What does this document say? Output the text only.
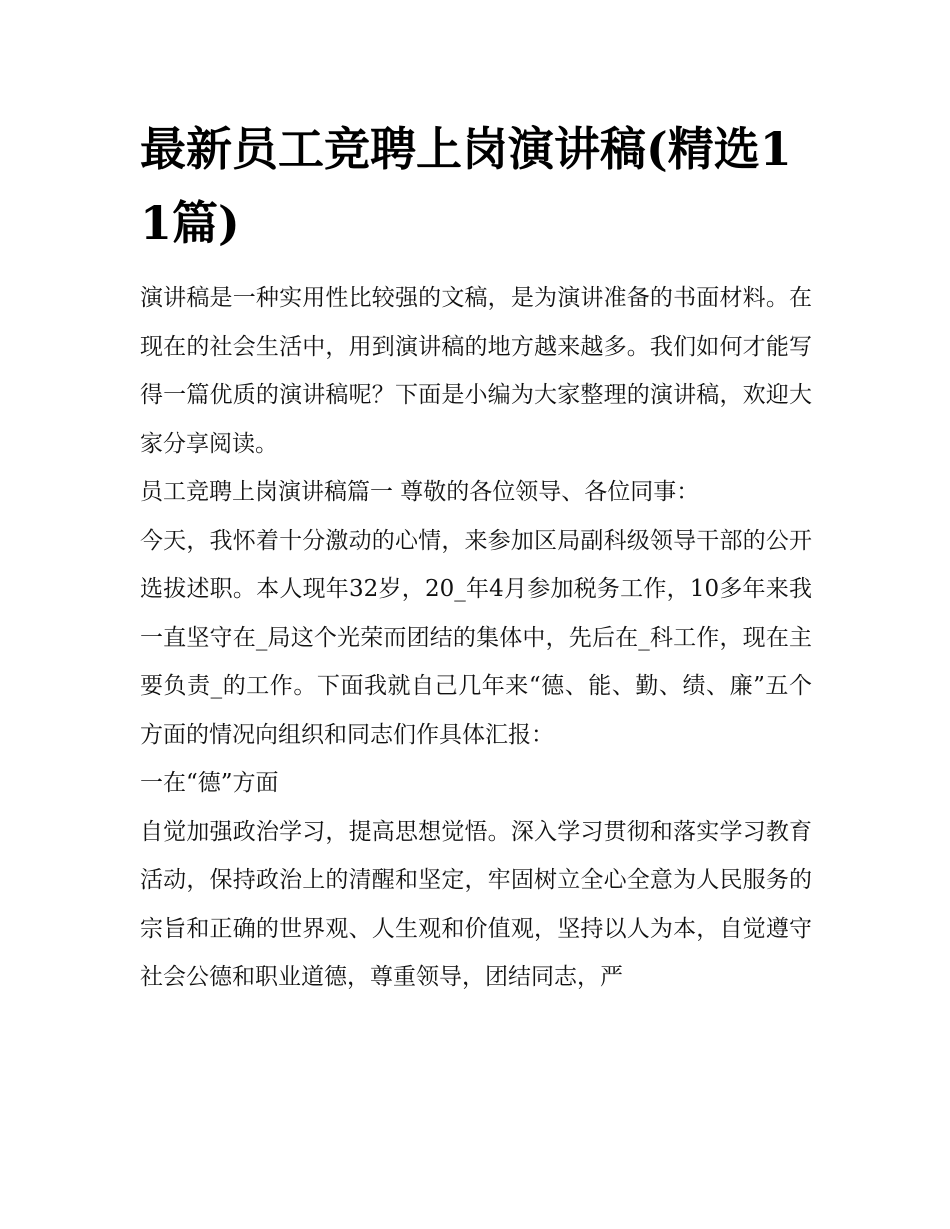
最新员工竞聘上岗演讲稿(精选11篇)

演讲稿是一种实用性比较强的文稿，是为演讲准备的书面材料。在现在的社会生活中，用到演讲稿的地方越来越多。我们如何才能写得一篇优质的演讲稿呢？下面是小编为大家整理的演讲稿，欢迎大家分享阅读。

员工竞聘上岗演讲稿篇一 尊敬的各位领导、各位同事：

今天，我怀着十分激动的心情，来参加区局副科级领导干部的公开选拔述职。本人现年32岁，20_年4月参加税务工作，10多年来我一直坚守在_局这个光荣而团结的集体中，先后在_科工作，现在主要负责_的工作。下面我就自己几年来“德、能、勤、绩、廉”五个方面的情况向组织和同志们作具体汇报：

一在“德”方面

自觉加强政治学习，提高思想觉悟。深入学习贯彻和落实学习教育活动，保持政治上的清醒和坚定，牢固树立全心全意为人民服务的宗旨和正确的世界观、人生观和价值观，坚持以人为本，自觉遵守社会公德和职业道德，尊重领导，团结同志，严
